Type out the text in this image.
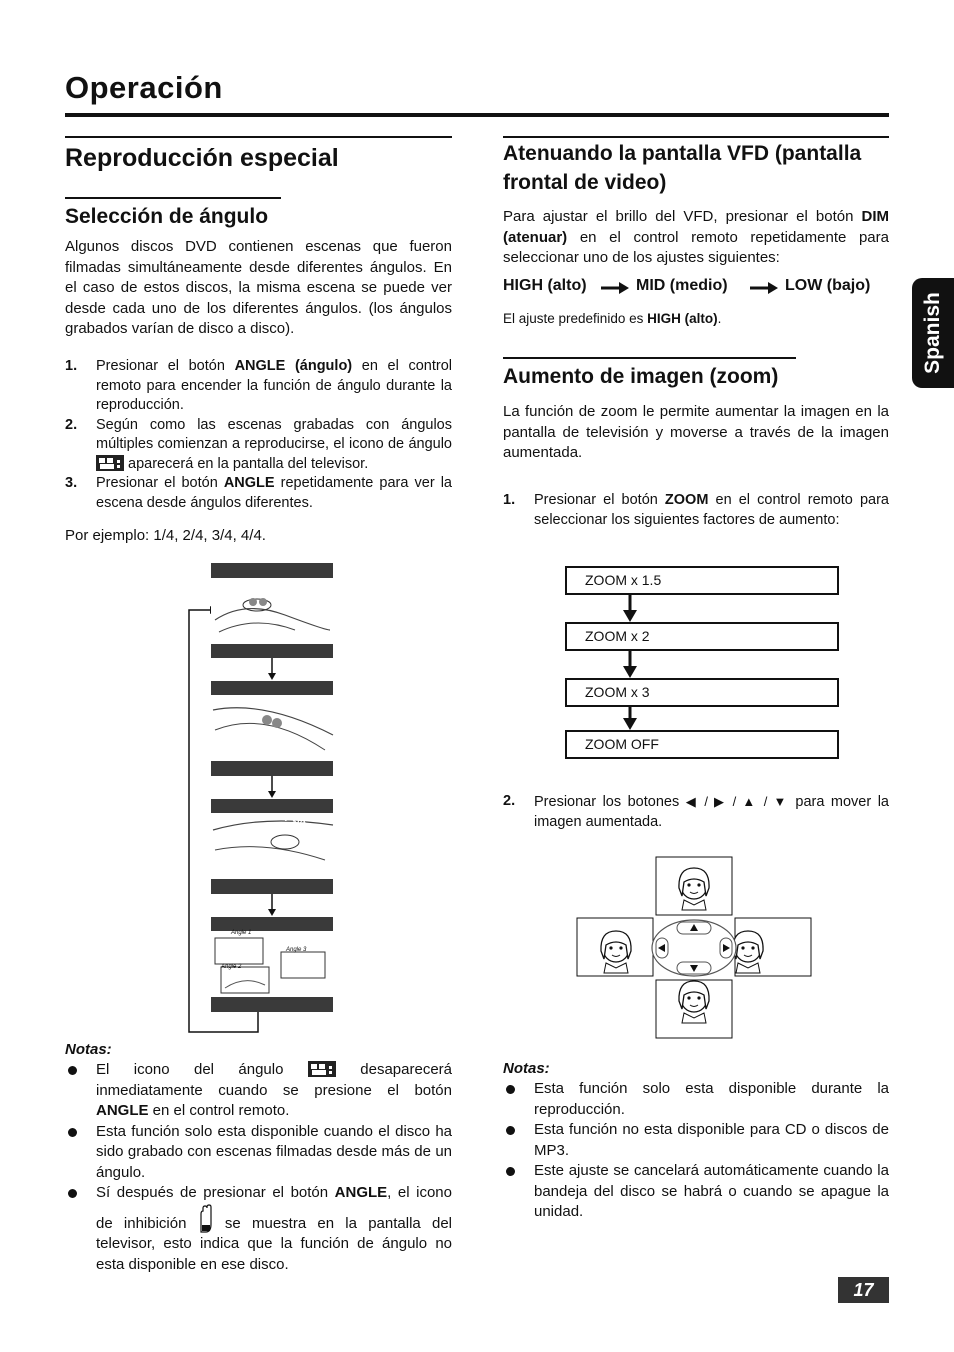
Operación
Spanish
Reproducción especial
Selección de ángulo
Algunos discos DVD contienen escenas que fueron filmadas simultáneamente desde diferentes ángulos. En el caso de estos discos, la misma escena se puede ver desde cada uno de los diferentes ángulos. (los ángulos grabados varían de disco a disco).
1. Presionar el botón ANGLE (ángulo) en el control remoto para encender la función de ángulo durante la reproducción.
2. Según como las escenas grabadas con ángulos múltiples comienzan a reproducirse, el icono de ángulo  aparecerá en la pantalla del televisor.
3. Presionar el botón ANGLE repetidamente para ver la escena desde ángulos diferentes.
Por ejemplo: 1/4, 2/4, 3/4, 4/4.
: 1/4
: 2/4
: 3/4
: 4/4
Angle 1
Angle 2
Angle 3
Notas:
El icono del ángulo	desaparecerá inmediatamente cuando se presione el botón ANGLE en el control remoto.
Esta función solo esta disponible cuando el disco ha sido grabado con escenas filmadas desde más de un ángulo.
Sí después de presionar el botón ANGLE, el icono de inhibición  se muestra en la pantalla del televisor, esto indica que la función de ángulo no esta disponible en ese disco.
Atenuando la pantalla VFD (pantalla frontal de video)
Para ajustar el brillo del VFD, presionar el botón DIM (atenuar) en el control remoto repetidamente para seleccionar uno de los ajustes siguientes:
HIGH (alto)	MID (medio)	LOW (bajo)
El ajuste predefinido es HIGH (alto).
Aumento de imagen (zoom)
La función de zoom le permite aumentar la imagen en la pantalla de televisión y moverse a través de la imagen aumentada.
1. Presionar el botón ZOOM en el control remoto para seleccionar los siguientes factores de aumento:
ZOOM x 1.5
ZOOM x 2
ZOOM x 3
ZOOM OFF
2. Presionar los botones ◀ / ▶ / ▲ / ▼ para mover la imagen aumentada.
Notas:
Esta función solo esta disponible durante la reproducción.
Esta función no esta disponible para CD o discos de MP3.
Este ajuste se cancelará automáticamente cuando la bandeja del disco se habrá o cuando se apague la unidad.
17
